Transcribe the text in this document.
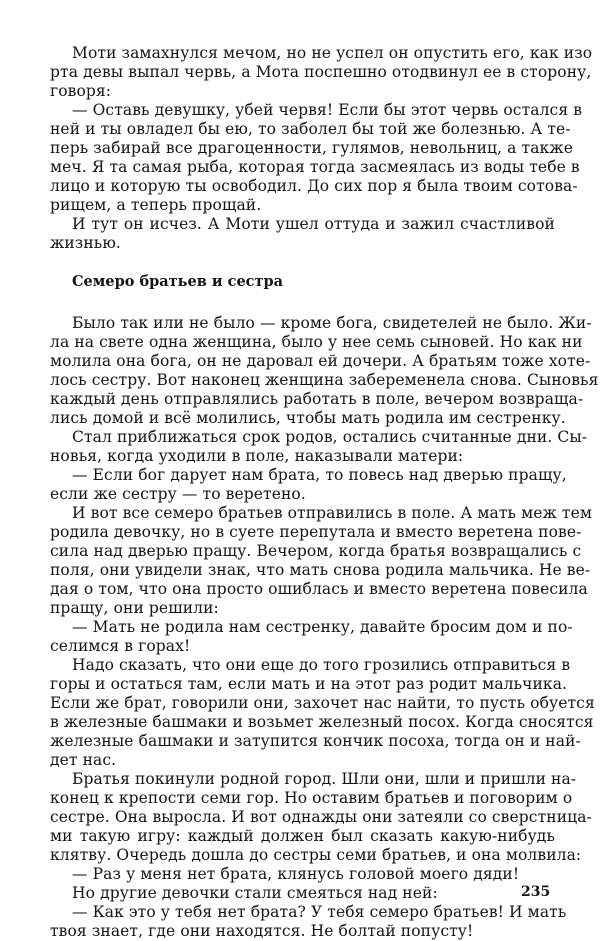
Моти замахнулся мечом, но не успел он опустить его, как изо
рта девы выпал червь, а Мота поспешно отодвинул ее в сторону,
говоря:
— Оставь девушку, убей червя! Если бы этот червь остался в
ней и ты овладел бы ею, то заболел бы той же болезнью. А те-
перь забирай все драгоценности, гулямов, невольниц, а также
меч. Я та самая рыба, которая тогда засмеялась из воды тебе в
лицо и которую ты освободил. До сих пор я была твоим сотова-
рищем, а теперь прощай.
И тут он исчез. А Моти ушел оттуда и зажил счастливой
жизнью.
Семеро братьев и сестра
Было так или не было — кроме бога, свидетелей не было. Жи-
ла на свете одна женщина, было у нее семь сыновей. Но как ни
молила она бога, он не даровал ей дочери. А братьям тоже хоте-
лось сестру. Вот наконец женщина забеременела снова. Сыновья
каждый день отправлялись работать в поле, вечером возвраща-
лись домой и всё молились, чтобы мать родила им сестренку.
Стал приближаться срок родов, остались считанные дни. Сы-
новья, когда уходили в поле, наказывали матери:
— Если бог дарует нам брата, то повесь над дверью пращу,
если же сестру — то веретено.
И вот все семеро братьев отправились в поле. А мать меж тем
родила девочку, но в суете перепутала и вместо веретена пове-
сила над дверью пращу. Вечером, когда братья возвращались с
поля, они увидели знак, что мать снова родила мальчика. Не ве-
дая о том, что она просто ошиблась и вместо веретена повесила
пращу, они решили:
— Мать не родила нам сестренку, давайте бросим дом и по-
селимся в горах!
Надо сказать, что они еще до того грозились отправиться в
горы и остаться там, если мать и на этот раз родит мальчика.
Если же брат, говорили они, захочет нас найти, то пусть обуется
в железные башмаки и возьмет железный посох. Когда сносятся
железные башмаки и затупится кончик посоха, тогда он и най-
дет нас.
Братья покинули родной город. Шли они, шли и пришли на-
конец к крепости семи гор. Но оставим братьев и поговорим о
сестре. Она выросла. И вот однажды они затеяли со сверстница-
ми такую игру: каждый должен был сказать какую-нибудь
клятву. Очередь дошла до сестры семи братьев, и она молвила:
— Раз у меня нет брата, клянусь головой моего дяди!
Но другие девочки стали смеяться над ней:
— Как это у тебя нет брата? У тебя семеро братьев! И мать
твоя знает, где они находятся. Не болтай попусту!
235
